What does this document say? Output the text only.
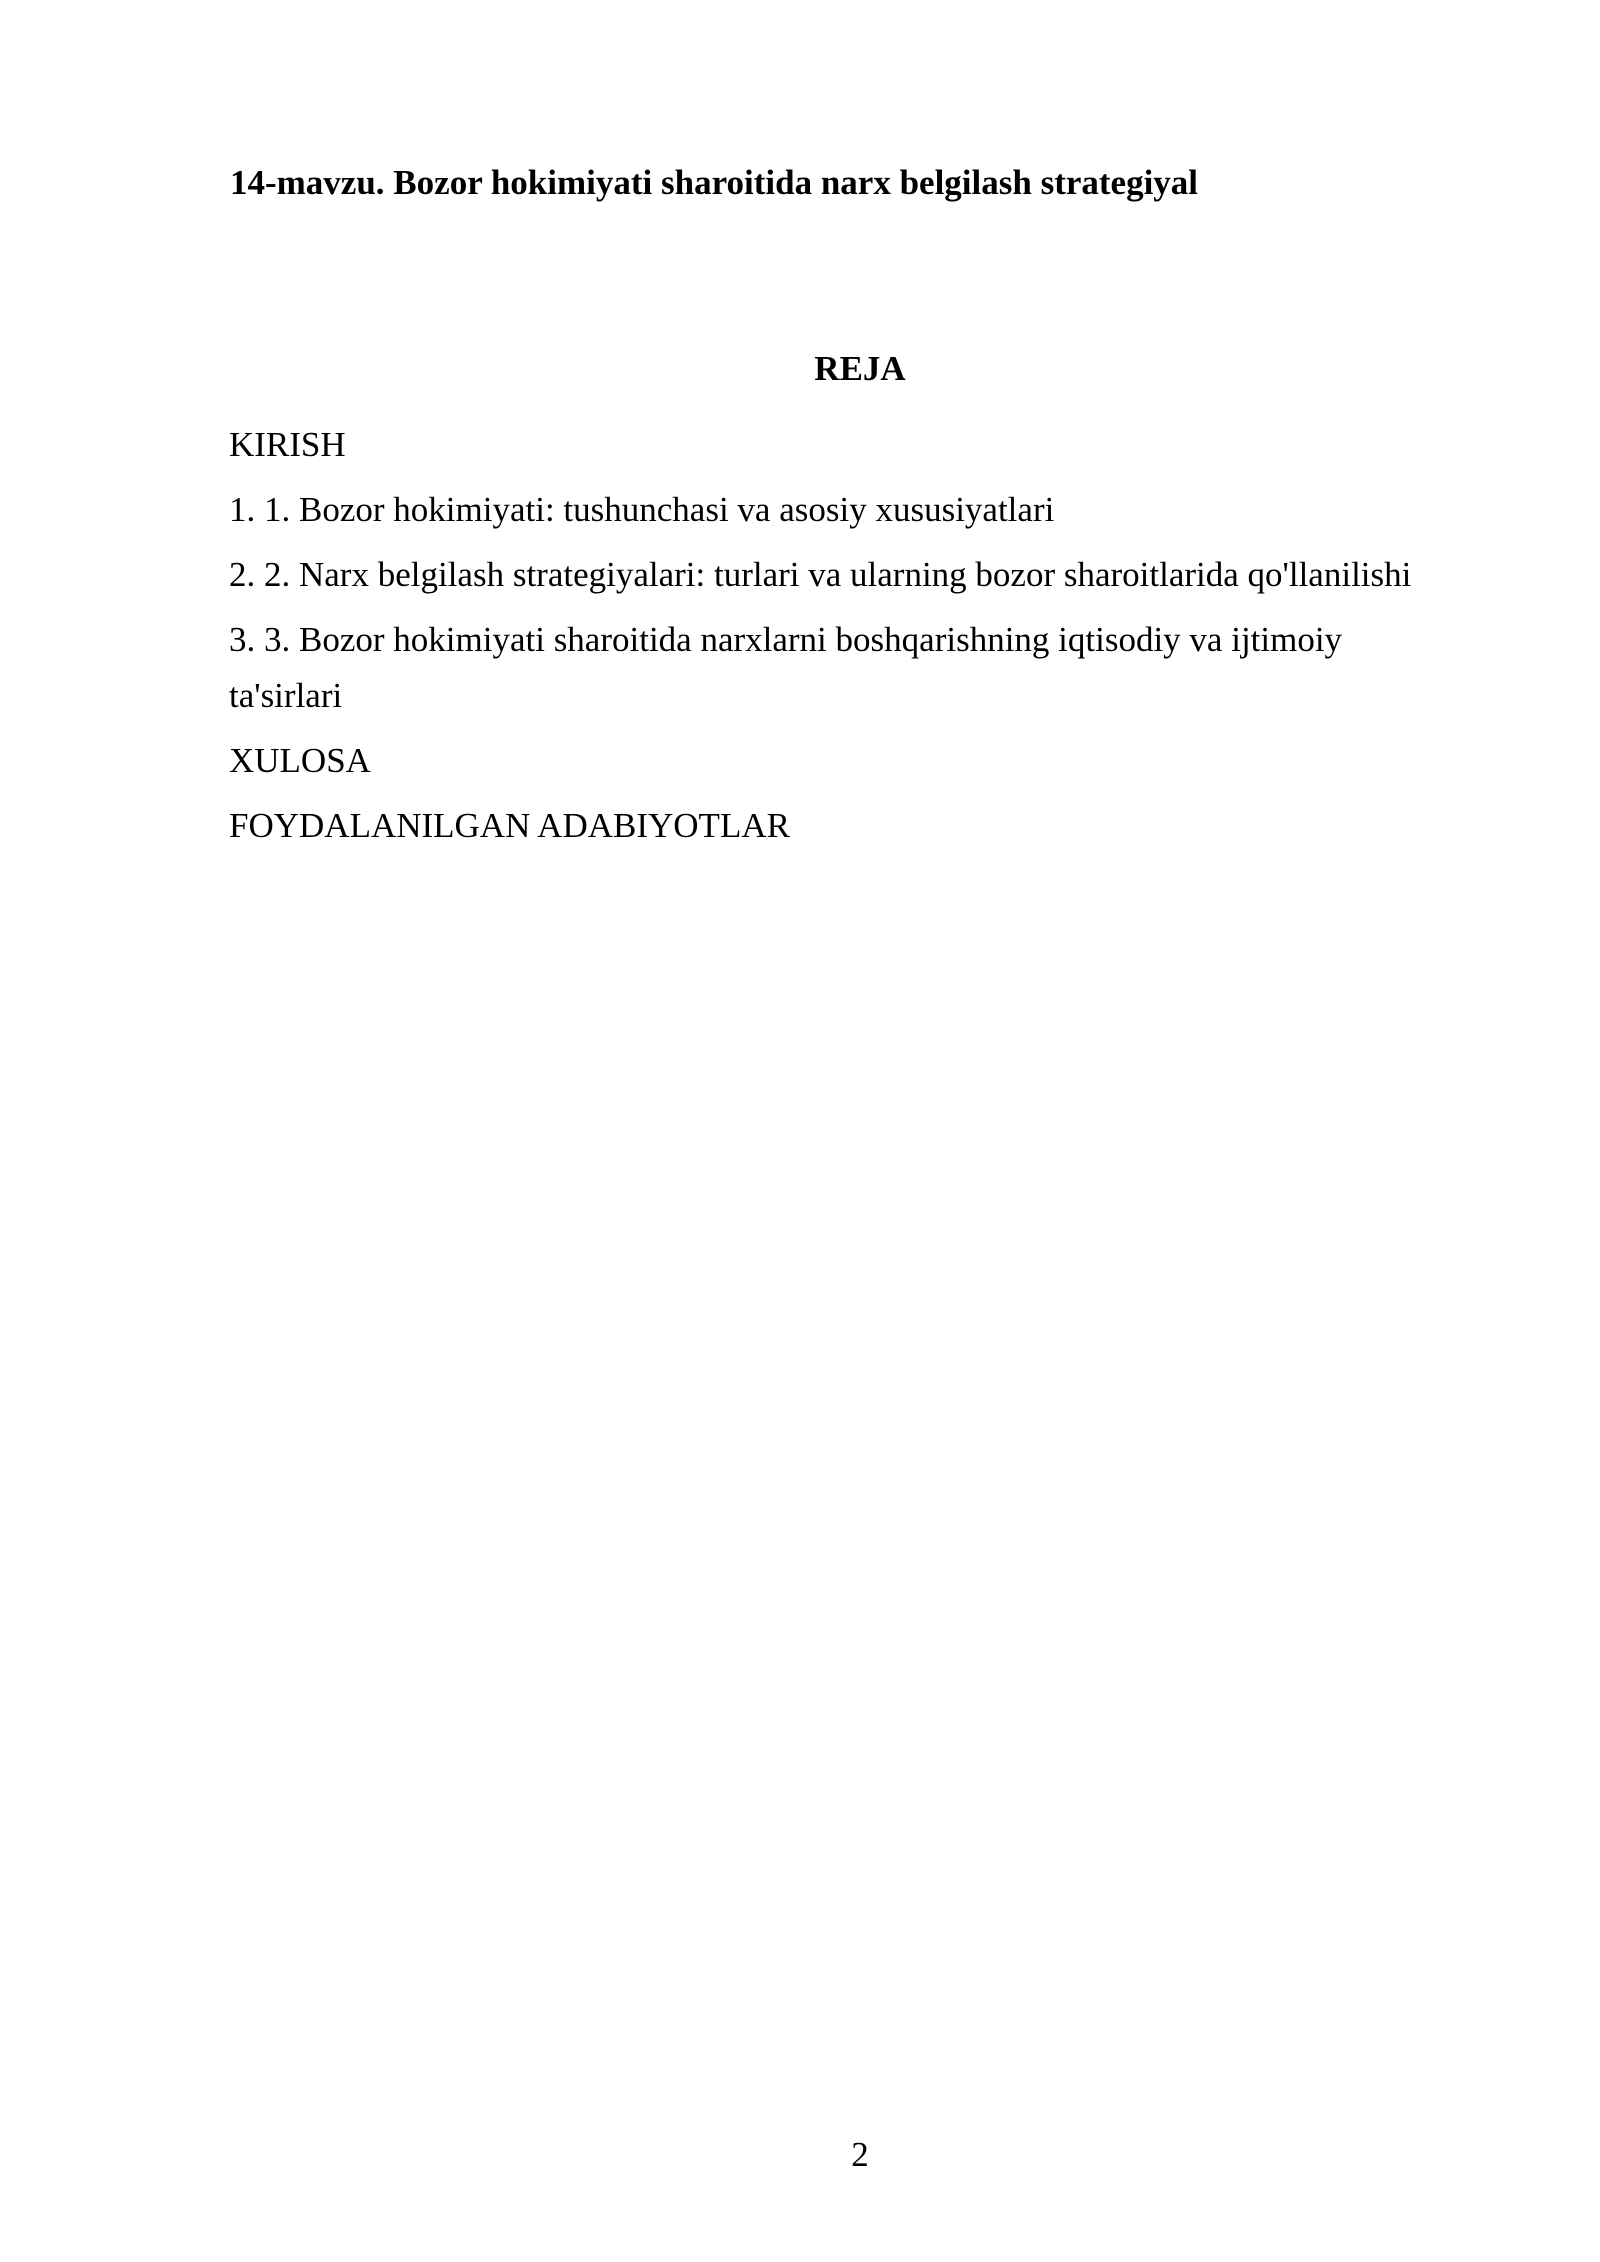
14-mavzu. Bozor hokimiyati sharoitida narx belgilash strategiyal
REJA
KIRISH
1. 1. Bozor hokimiyati: tushunchasi va asosiy xususiyatlari
2. 2. Narx belgilash strategiyalari: turlari va ularning bozor sharoitlarida qo'llanilishi
3. 3. Bozor hokimiyati sharoitida narxlarni boshqarishning iqtisodiy va ijtimoiy ta'sirlari
XULOSA
FOYDALANILGAN ADABIYOTLAR
2
